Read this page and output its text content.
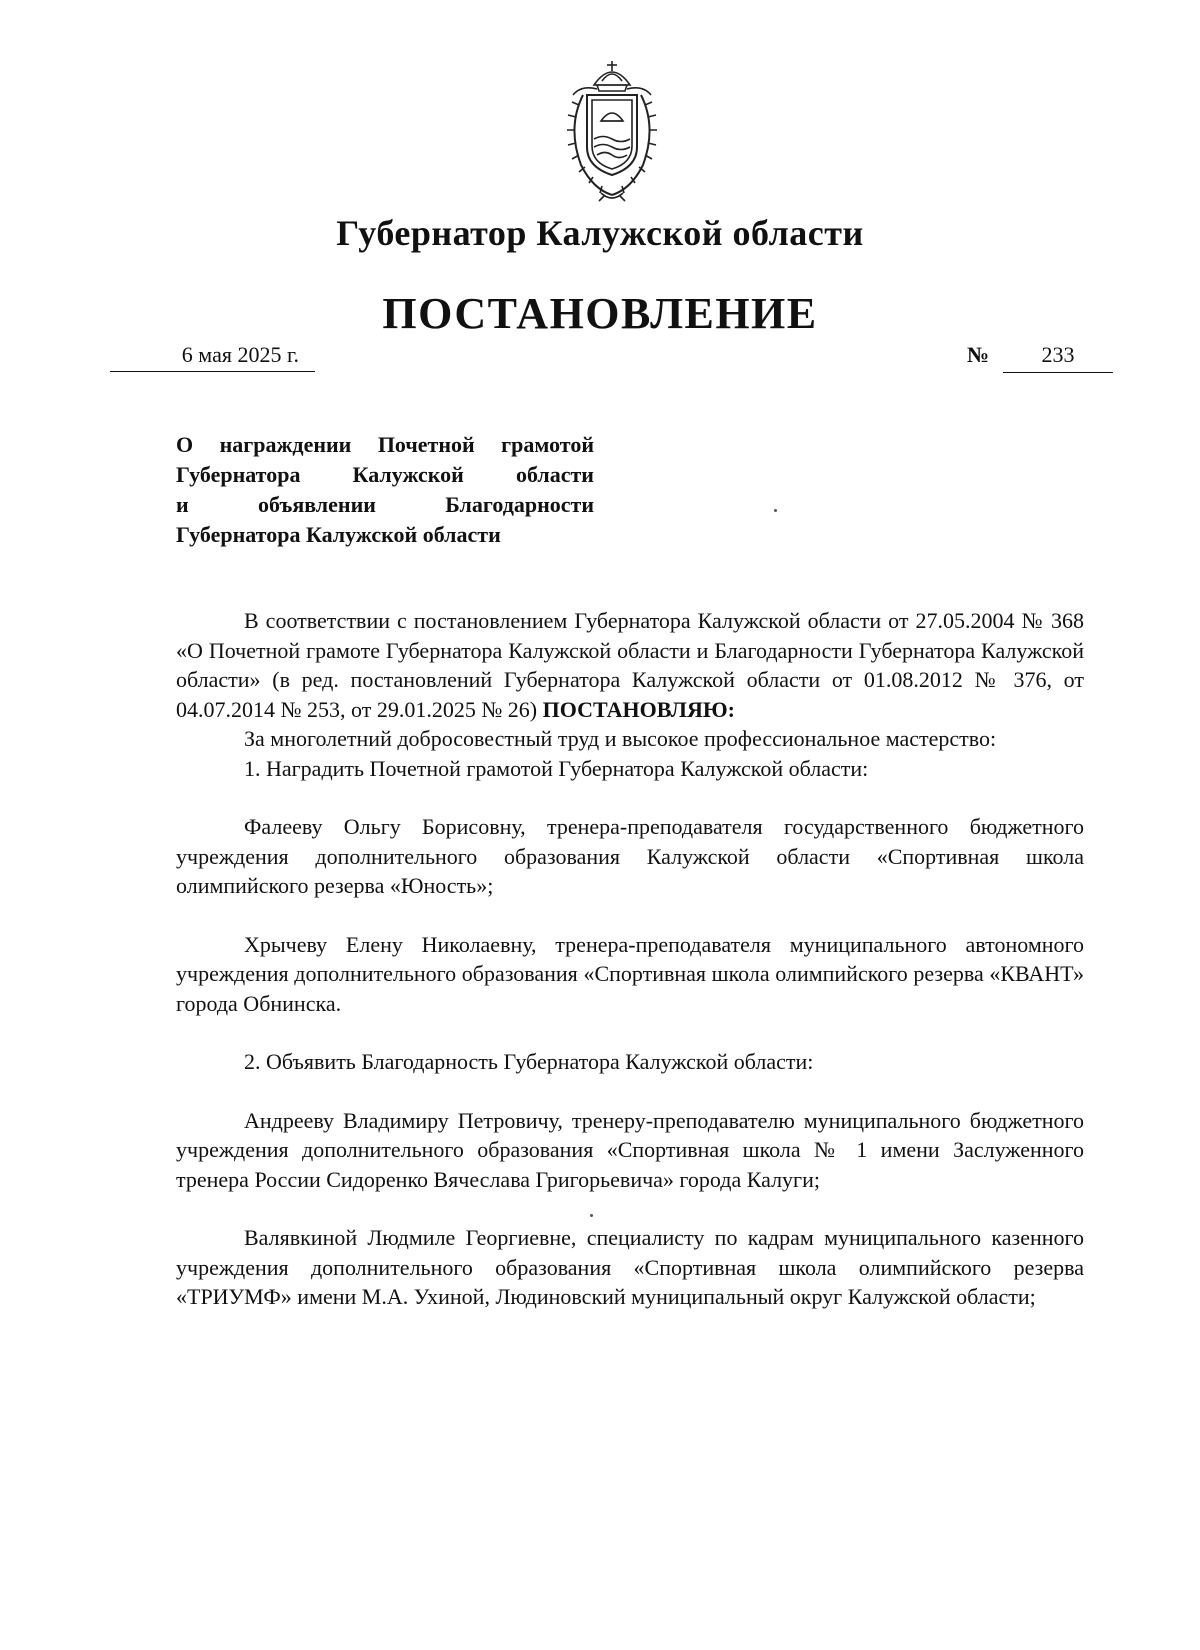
Губернатор Калужской области
ПОСТАНОВЛЕНИЕ
6 мая 2025 г.	№	233
О награждении Почетной грамотой
Губернатора Калужской области
и объявлении Благодарности
Губернатора Калужской области

В соответствии с постановлением Губернатора Калужской области от 27.05.2004 № 368 «О Почетной грамоте Губернатора Калужской области и Благодарности Губернатора Калужской области» (в ред. постановлений Губернатора Калужской области от 01.08.2012 № 376, от 04.07.2014 № 253, от 29.01.2025 № 26) ПОСТАНОВЛЯЮ:

За многолетний добросовестный труд и высокое профессиональное мастерство:

1. Наградить Почетной грамотой Губернатора Калужской области:

Фалееву Ольгу Борисовну, тренера-преподавателя государственного бюджетного учреждения дополнительного образования Калужской области «Спортивная школа олимпийского резерва «Юность»;

Хрычеву Елену Николаевну, тренера-преподавателя муниципального автономного учреждения дополнительного образования «Спортивная школа олимпийского резерва «КВАНТ» города Обнинска.

2. Объявить Благодарность Губернатора Калужской области:

Андрееву Владимиру Петровичу, тренеру-преподавателю муниципального бюджетного учреждения дополнительного образования «Спортивная школа № 1 имени Заслуженного тренера России Сидоренко Вячеслава Григорьевича» города Калуги;

Валявкиной Людмиле Георгиевне, специалисту по кадрам муниципального казенного учреждения дополнительного образования «Спортивная школа олимпийского резерва «ТРИУМФ» имени М.А. Ухиной, Людиновский муниципальный округ Калужской области;
